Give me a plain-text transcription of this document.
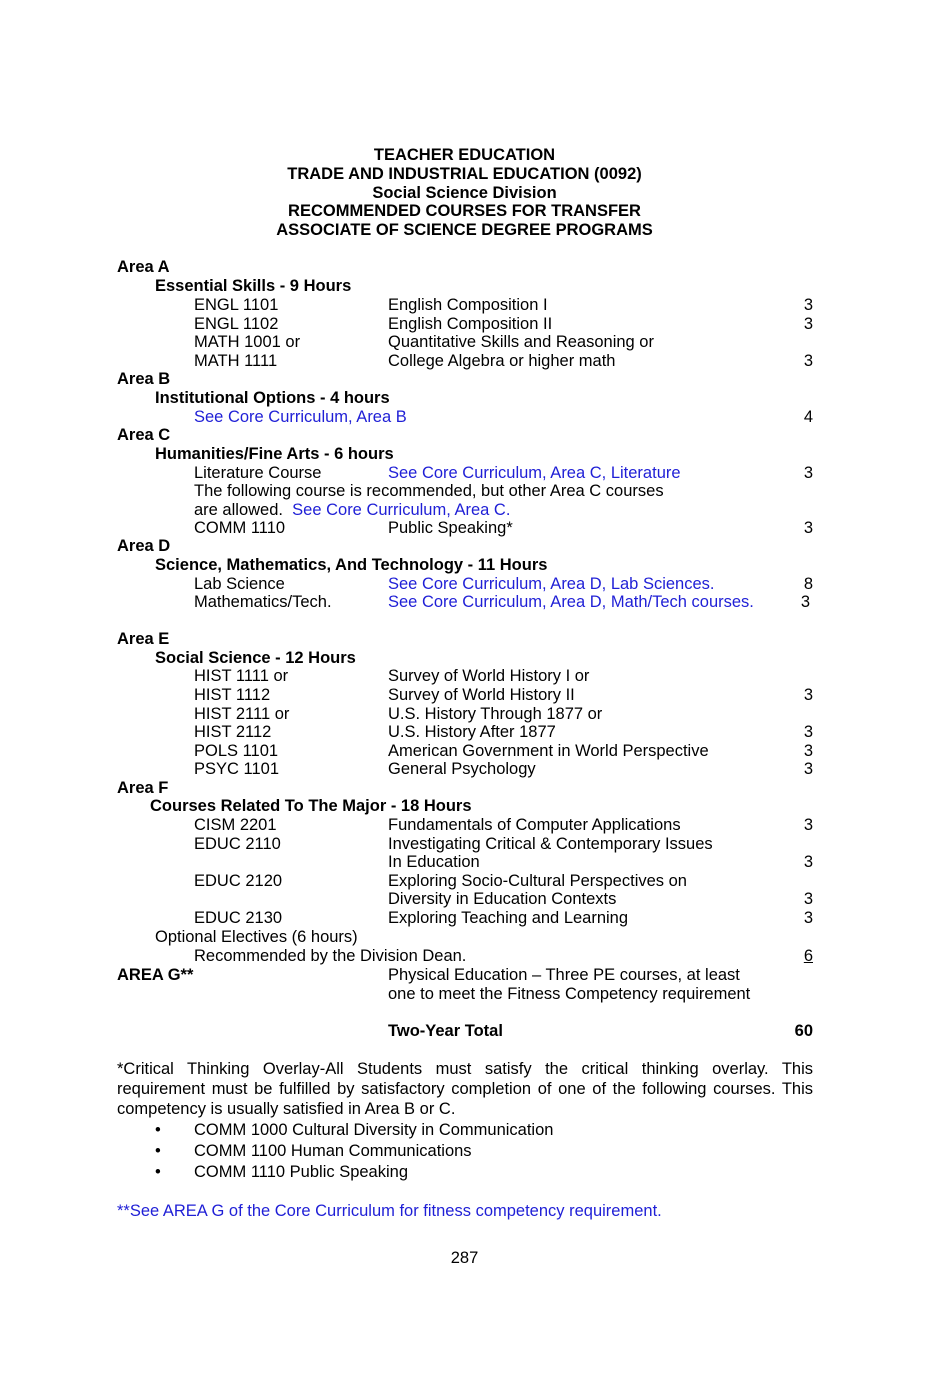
TEACHER EDUCATION
TRADE AND INDUSTRIAL EDUCATION (0092)
Social Science Division
RECOMMENDED COURSES FOR TRANSFER
ASSOCIATE OF SCIENCE DEGREE PROGRAMS
Area A
Essential Skills - 9 Hours
ENGL 1101	English Composition I	3
ENGL 1102	English Composition II	3
MATH 1001 or	Quantitative Skills and Reasoning or
MATH 1111	College Algebra or higher math	3
Area B
Institutional Options - 4 hours
See Core Curriculum, Area B	4
Area C
Humanities/Fine Arts - 6 hours
Literature Course	See Core Curriculum, Area C, Literature	3
The following course is recommended, but other Area C courses
are allowed. See Core Curriculum, Area C.
COMM 1110	Public Speaking*	3
Area D
Science, Mathematics, And Technology - 11 Hours
Lab Science	See Core Curriculum, Area D, Lab Sciences.	8
Mathematics/Tech.	See Core Curriculum, Area D, Math/Tech courses.	3
Area E
Social Science - 12 Hours
HIST 1111 or	Survey of World History I or
HIST 1112	Survey of World History II	3
HIST 2111 or	U.S. History Through 1877 or
HIST 2112	U.S. History After 1877	3
POLS 1101	American Government in World Perspective	3
PSYC 1101	General Psychology	3
Area F
Courses Related To The Major - 18 Hours
CISM 2201	Fundamentals of Computer Applications	3
EDUC 2110	Investigating Critical & Contemporary Issues
In Education	3
EDUC 2120	Exploring Socio-Cultural Perspectives on
Diversity in Education Contexts	3
EDUC 2130	Exploring Teaching and Learning	3
Optional Electives (6 hours)
Recommended by the Division Dean.	6
AREA G**	Physical Education – Three PE courses, at least
one to meet the Fitness Competency requirement
Two-Year Total	60
*Critical Thinking Overlay-All Students must satisfy the critical thinking overlay. This requirement must be fulfilled by satisfactory completion of one of the following courses. This competency is usually satisfied in Area B or C.
• COMM 1000 Cultural Diversity in Communication
• COMM 1100 Human Communications
• COMM 1110 Public Speaking
**See AREA G of the Core Curriculum for fitness competency requirement.
287
